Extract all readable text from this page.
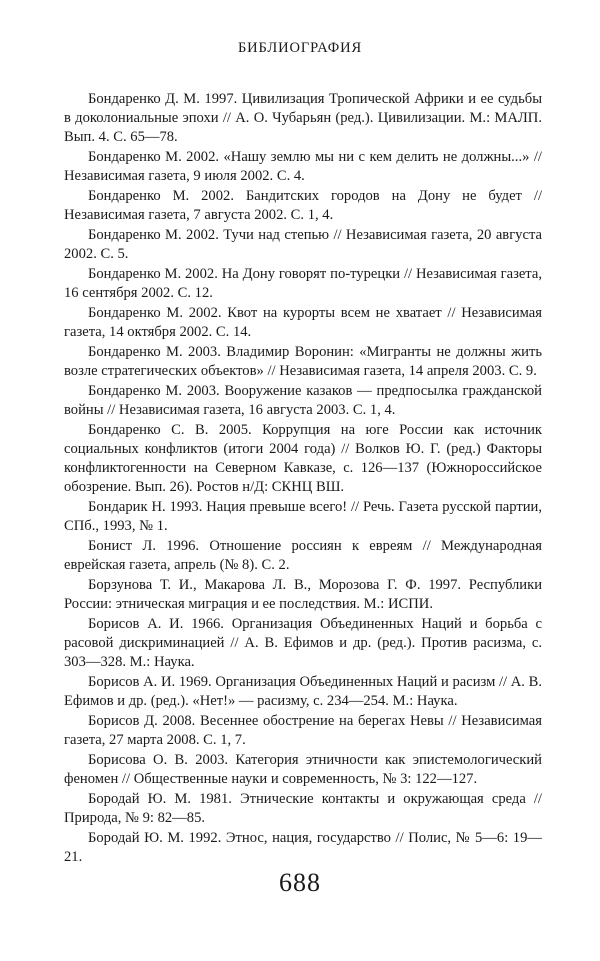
БИБЛИОГРАФИЯ

Бондаренко Д. М. 1997. Цивилизация Тропической Африки и ее судьбы в доколониальные эпохи // А. О. Чубарьян (ред.). Цивилизации. М.: МАЛП. Вып. 4. С. 65—78.

Бондаренко М. 2002. «Нашу землю мы ни с кем делить не должны...» // Независимая газета, 9 июля 2002. С. 4.

Бондаренко М. 2002. Бандитских городов на Дону не будет // Независимая газета, 7 августа 2002. С. 1, 4.

Бондаренко М. 2002. Тучи над степью // Независимая газета, 20 августа 2002. С. 5.

Бондаренко М. 2002. На Дону говорят по-турецки // Независимая газета, 16 сентября 2002. С. 12.

Бондаренко М. 2002. Квот на курорты всем не хватает // Независимая газета, 14 октября 2002. С. 14.

Бондаренко М. 2003. Владимир Воронин: «Мигранты не должны жить возле стратегических объектов» // Независимая газета, 14 апреля 2003. С. 9.

Бондаренко М. 2003. Вооружение казаков — предпосылка гражданской войны // Независимая газета, 16 августа 2003. С. 1, 4.

Бондаренко С. В. 2005. Коррупция на юге России как источник социальных конфликтов (итоги 2004 года) // Волков Ю. Г. (ред.) Факторы конфликтогенности на Северном Кавказе, с. 126—137 (Южнороссийское обозрение. Вып. 26). Ростов н/Д: СКНЦ ВШ.

Бондарик Н. 1993. Нация превыше всего! // Речь. Газета русской партии, СПб., 1993, № 1.

Бонист Л. 1996. Отношение россиян к евреям // Международная еврейская газета, апрель (№ 8). С. 2.

Борзунова Т. И., Макарова Л. В., Морозова Г. Ф. 1997. Республики России: этническая миграция и ее последствия. М.: ИСПИ.

Борисов А. И. 1966. Организация Объединенных Наций и борьба с расовой дискриминацией // А. В. Ефимов и др. (ред.). Против расизма, с. 303—328. М.: Наука.

Борисов А. И. 1969. Организация Объединенных Наций и расизм // А. В. Ефимов и др. (ред.). «Нет!» — расизму, с. 234—254. М.: Наука.

Борисов Д. 2008. Весеннее обострение на берегах Невы // Независимая газета, 27 марта 2008. С. 1, 7.

Борисова О. В. 2003. Категория этничности как эпистемологический феномен // Общественные науки и современность, № 3: 122—127.

Бородай Ю. М. 1981. Этнические контакты и окружающая среда // Природа, № 9: 82—85.

Бородай Ю. М. 1992. Этнос, нация, государство // Полис, № 5—6: 19—21.

688
